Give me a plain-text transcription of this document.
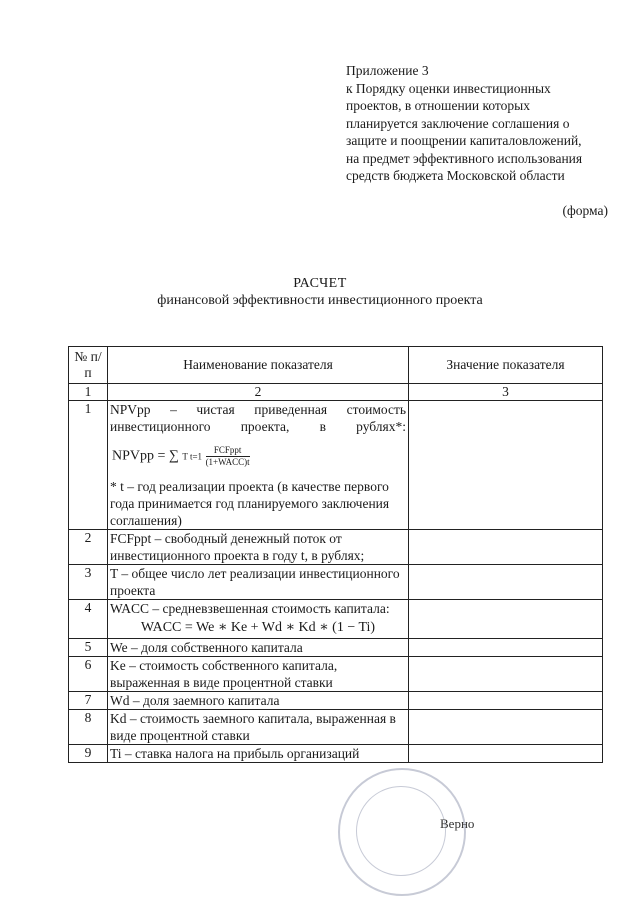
Приложение 3
к Порядку оценки инвестиционных
проектов, в отношении которых
планируется заключение соглашения о
защите и поощрении капиталовложений,
на предмет эффективного использования
средств бюджета Московской области
(форма)
РАСЧЕТ
финансовой эффективности инвестиционного проекта
№ п/п	Наименование показателя	Значение показателя
1	2	3
1	NPVpp – чистая приведенная стоимость инвестиционного проекта, в рублях*:
NPVpp = ∑ T $t=1 \frac{\text{FCFppt}}{\text{(1+WACC)t}}$
* t – год реализации проекта (в качестве первого года принимается год планируемого заключения соглашения)	

2	FCFppt – свободный денежный поток от инвестиционного проекта в году t, в рублях;	
3	T – общее число лет реализации инвестиционного проекта	
4	WACC – средневзвешенная стоимость капитала:
WACC = We ∗ Ke + Wd ∗ Kd ∗ (1 − Ti)	

5	We – доля собственного капитала	
6	Ke – стоимость собственного капитала, выраженная в виде процентной ставки	
7	Wd – доля заемного капитала	
8	Kd – стоимость заемного капитала, выраженная в виде процентной ставки	
9	Ti – ставка налога на прибыль организаций	
Верно
